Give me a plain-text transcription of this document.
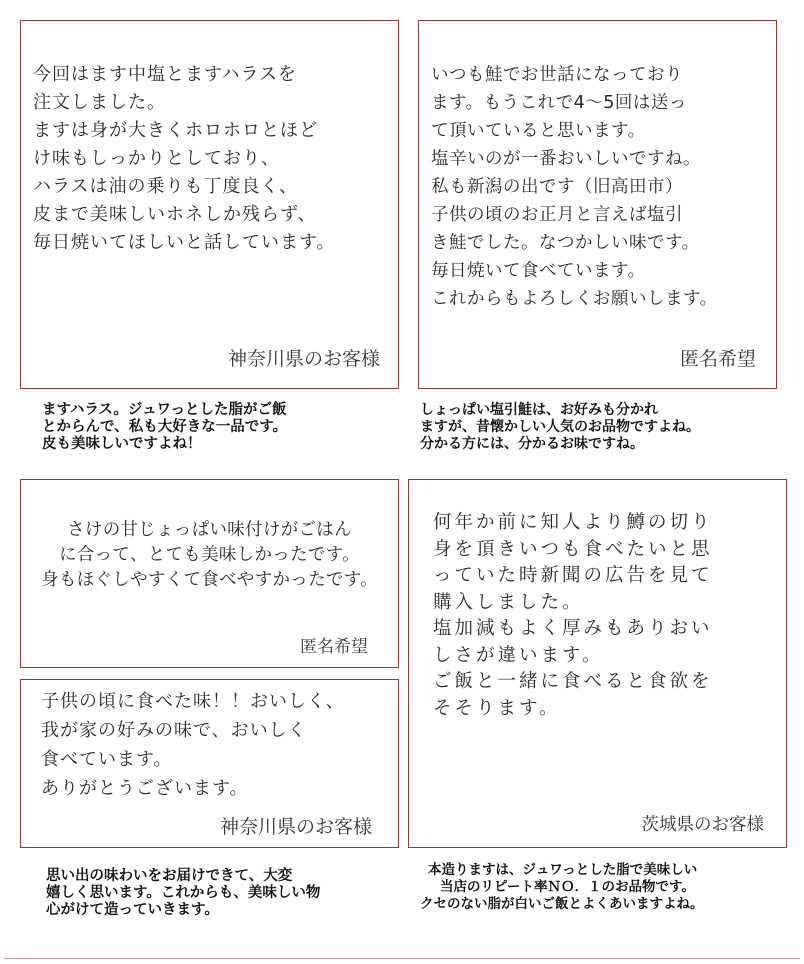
今回はます中塩とますハラスを
注文しました。
ますは身が大きくホロホロとほど
け味もしっかりとしており、
ハラスは油の乗りも丁度良く、
皮まで美味しいホネしか残らず、
毎日焼いてほしいと話しています。
神奈川県のお客様
いつも鮭でお世話になっており
ます。もうこれで4～5回は送っ
て頂いていると思います。
塩辛いのが一番おいしいですね。
私も新潟の出です（旧高田市）
子供の頃のお正月と言えば塩引
き鮭でした。なつかしい味です。
毎日焼いて食べています。
これからもよろしくお願いします。
匿名希望
ますハラス。ジュワっとした脂がご飯
とからんで、私も大好きな一品です。
皮も美味しいですよね！
しょっぱい塩引鮭は、お好みも分かれ
ますが、昔懐かしい人気のお品物ですよね。
分かる方には、分かるお味ですね。
さけの甘じょっぱい味付けがごはん
に合って、とても美味しかったです。
身もほぐしやすくて食べやすかったです。
匿名希望
何年か前に知人より鱒の切り
身を頂きいつも食べたいと思
っていた時新聞の広告を見て
購入しました。
塩加減もよく厚みもありおい
しさが違います。
ご飯と一緒に食べると食欲を
そそります。
茨城県のお客様
子供の頃に食べた味！！おいしく、
我が家の好みの味で、おいしく
食べています。
ありがとうございます。
神奈川県のお客様
思い出の味わいをお届けできて、大変
嬉しく思います。これからも、美味しい物
心がけて造っていきます。
本造りますは、ジュワっとした脂で美味しい
当店のリピート率ＮＯ．１のお品物です。
クセのない脂が白いご飯とよくあいますよね。
